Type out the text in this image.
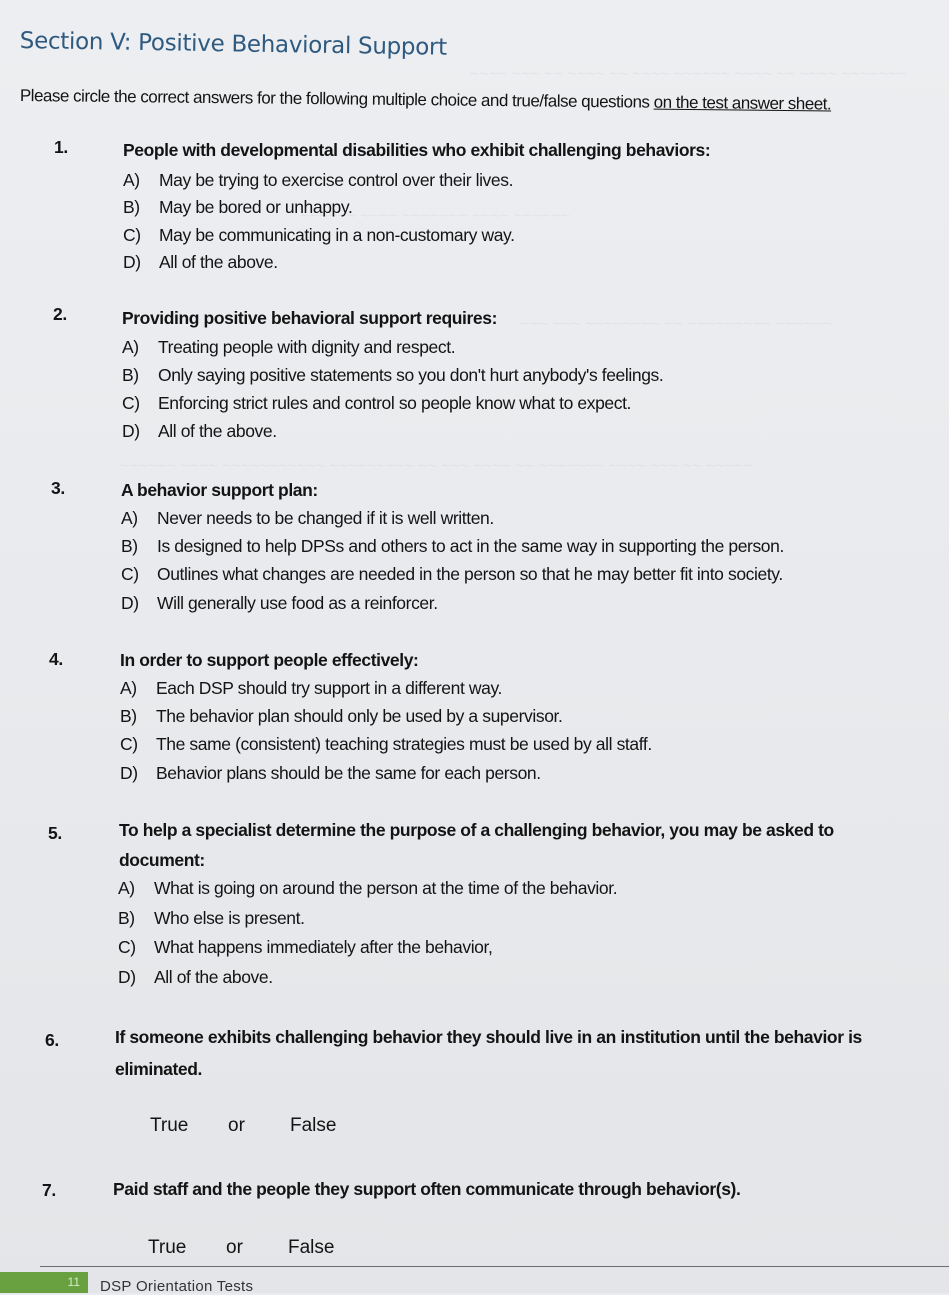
~~~~ ~~~ ~~ ~~~~ ~~ ~~~~ ~~~~~~ ~~~~ ~~ ~~~~ ~~~~~~~
~~~~~~ ~~~~ ~~~~~~~ ~~~~ ~~~~~~
~~~ ~~~ ~~~~~~~~ ~~ ~~~~~~~~~ ~~~~~~
~~~~~~ ~~~~ ~~~~~~~~~~~ ~~~~~~~~~ ~~ ~~~ ~~~~ ~~ ~~~~~~~ ~~~~ ~~~ ~~ ~~~~~
Section V: Positive Behavioral Support
Please circle the correct answers for the following multiple choice and true/false questions on the test answer sheet.
1.	People with developmental disabilities who exhibit challenging behaviors:
A) May be trying to exercise control over their lives.
B) May be bored or unhappy.
C) May be communicating in a non-customary way.
D) All of the above.
2.	Providing positive behavioral support requires:
A) Treating people with dignity and respect.
B) Only saying positive statements so you don't hurt anybody's feelings.
C) Enforcing strict rules and control so people know what to expect.
D) All of the above.
3.	A behavior support plan:
A) Never needs to be changed if it is well written.
B) Is designed to help DPSs and others to act in the same way in supporting the person.
C) Outlines what changes are needed in the person so that he may better fit into society.
D) Will generally use food as a reinforcer.
4.	In order to support people effectively:
A) Each DSP should try support in a different way.
B) The behavior plan should only be used by a supervisor.
C) The same (consistent) teaching strategies must be used by all staff.
D) Behavior plans should be the same for each person.
5.	To help a specialist determine the purpose of a challenging behavior, you may be asked to document:
A) What is going on around the person at the time of the behavior.
B) Who else is present.
C) What happens immediately after the behavior,
D) All of the above.
6.	If someone exhibits challenging behavior they should live in an institution until the behavior is eliminated.
True or False
7.	Paid staff and the people they support often communicate through behavior(s).
True or False
11	DSP Orientation Tests
